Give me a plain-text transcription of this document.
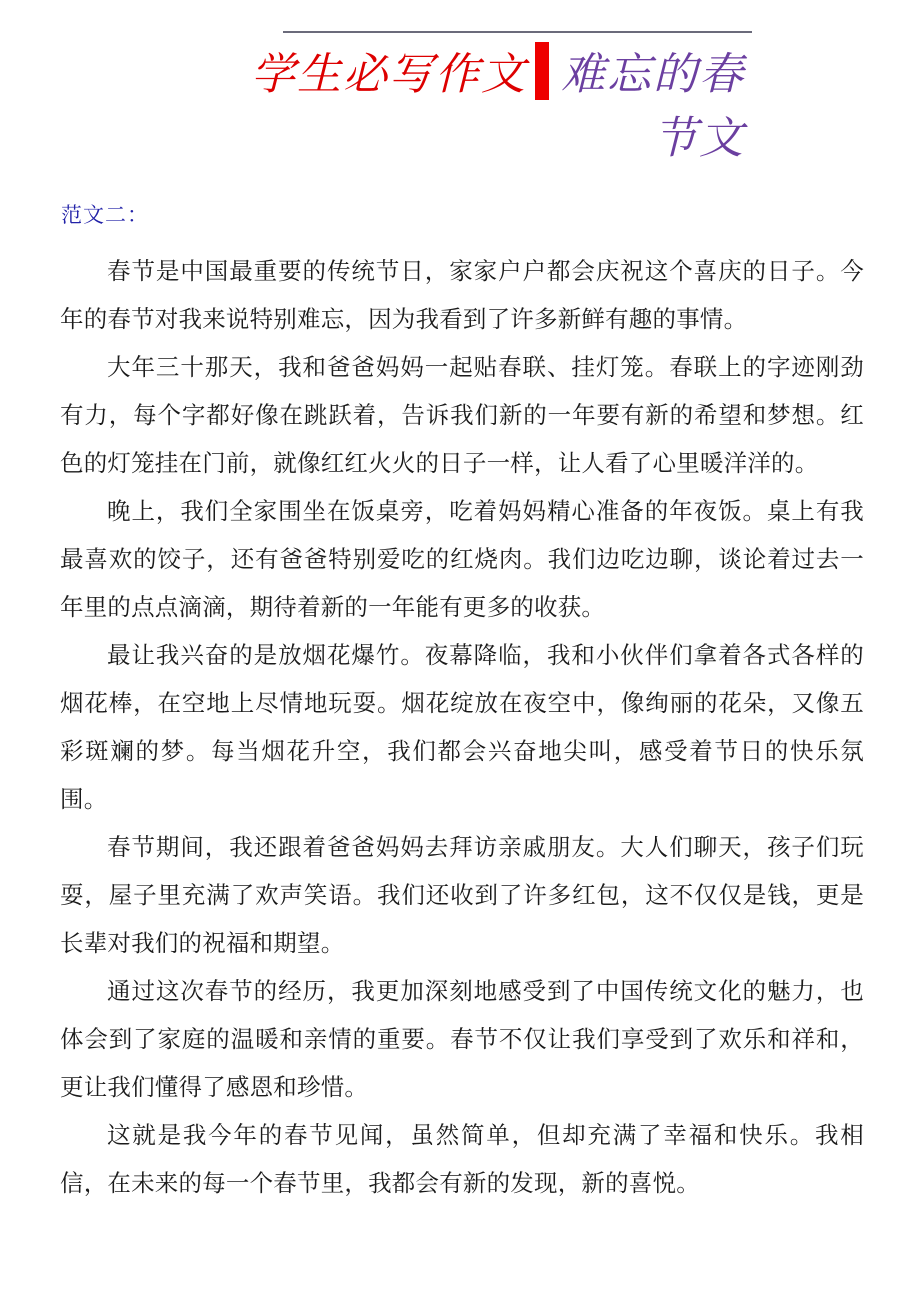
学生必写作文 难忘的春
节文
范文二：

春节是中国最重要的传统节日，家家户户都会庆祝这个喜庆的日子。今年的春节对我来说特别难忘，因为我看到了许多新鲜有趣的事情。

大年三十那天，我和爸爸妈妈一起贴春联、挂灯笼。春联上的字迹刚劲有力，每个字都好像在跳跃着，告诉我们新的一年要有新的希望和梦想。红色的灯笼挂在门前，就像红红火火的日子一样，让人看了心里暖洋洋的。

晚上，我们全家围坐在饭桌旁，吃着妈妈精心准备的年夜饭。桌上有我最喜欢的饺子，还有爸爸特别爱吃的红烧肉。我们边吃边聊，谈论着过去一年里的点点滴滴，期待着新的一年能有更多的收获。

最让我兴奋的是放烟花爆竹。夜幕降临，我和小伙伴们拿着各式各样的烟花棒，在空地上尽情地玩耍。烟花绽放在夜空中，像绚丽的花朵，又像五彩斑斓的梦。每当烟花升空，我们都会兴奋地尖叫，感受着节日的快乐氛围。

春节期间，我还跟着爸爸妈妈去拜访亲戚朋友。大人们聊天，孩子们玩耍，屋子里充满了欢声笑语。我们还收到了许多红包，这不仅仅是钱，更是长辈对我们的祝福和期望。

通过这次春节的经历，我更加深刻地感受到了中国传统文化的魅力，也体会到了家庭的温暖和亲情的重要。春节不仅让我们享受到了欢乐和祥和，更让我们懂得了感恩和珍惜。

这就是我今年的春节见闻，虽然简单，但却充满了幸福和快乐。我相信，在未来的每一个春节里，我都会有新的发现，新的喜悦。
